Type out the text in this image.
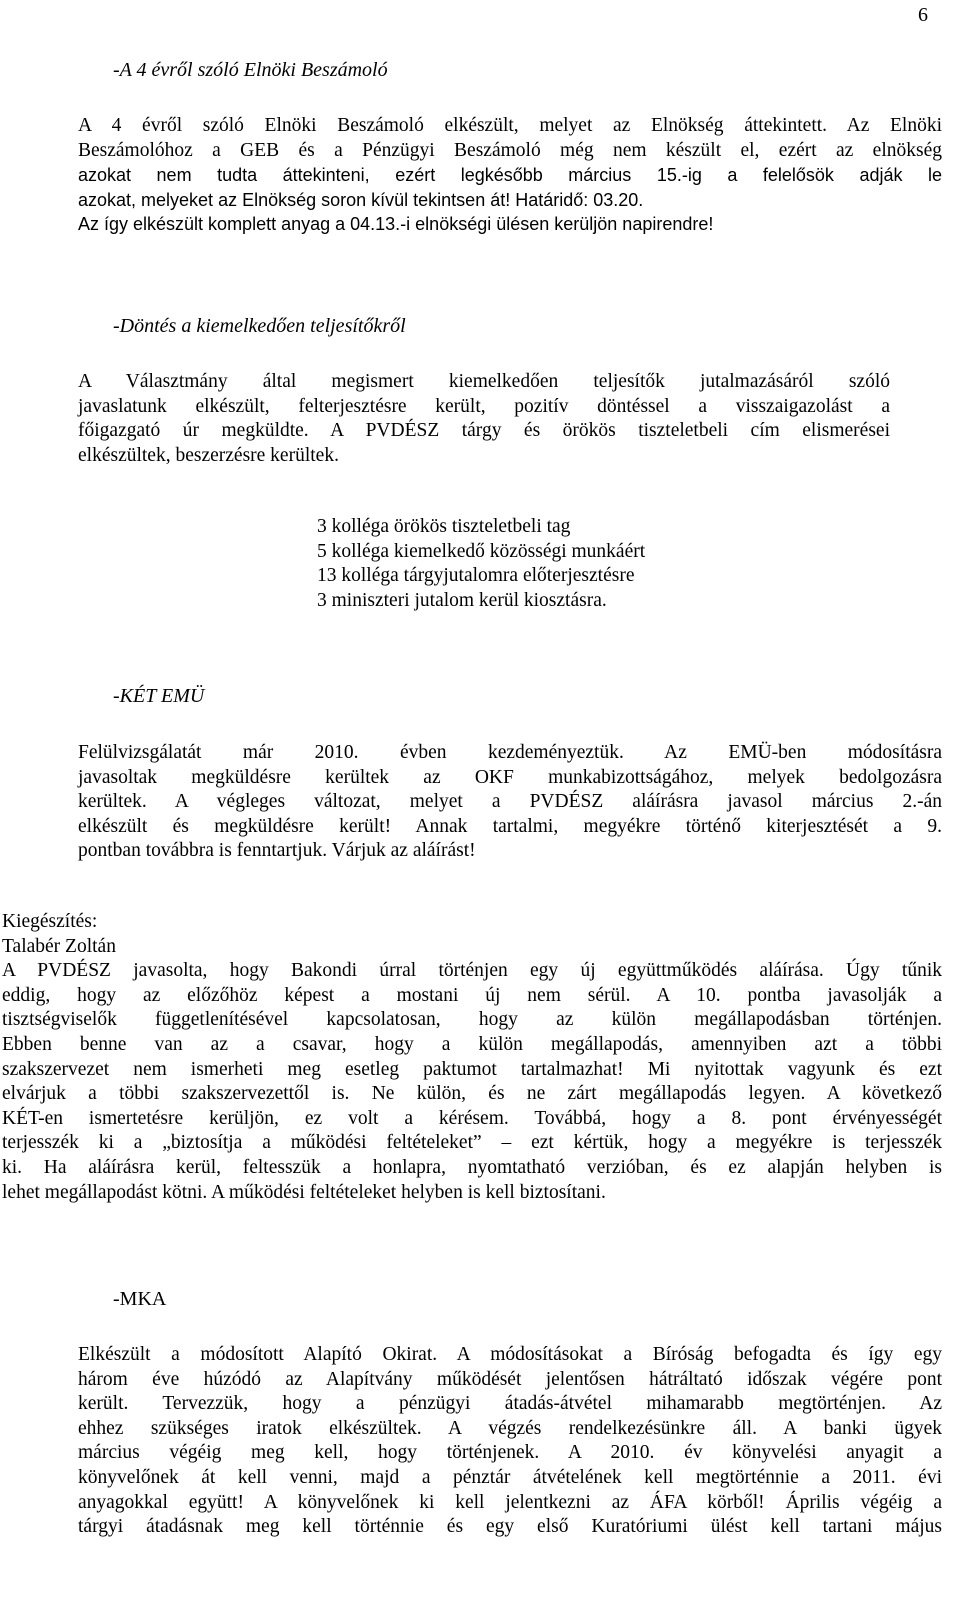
6
-A 4 évről szóló Elnöki Beszámoló
A 4 évről szóló Elnöki Beszámoló elkészült, melyet az Elnökség áttekintett. Az Elnöki
Beszámolóhoz a GEB és a Pénzügyi Beszámoló még nem készült el, ezért az elnökség
azokat nem tudta áttekinteni, ezért legkésőbb március 15.-ig a felelősök adják le
azokat, melyeket az Elnökség soron kívül tekintsen át! Határidő: 03.20.
Az így elkészült komplett anyag a 04.13.-i elnökségi ülésen kerüljön napirendre!
-Döntés a kiemelkedően teljesítőkről
A Választmány által megismert kiemelkedően teljesítők jutalmazásáról szóló
javaslatunk elkészült, felterjesztésre került, pozitív döntéssel a visszaigazolást a
főigazgató úr megküldte. A PVDÉSZ tárgy és örökös tiszteletbeli cím elismerései
elkészültek, beszerzésre kerültek.
3 kolléga örökös tiszteletbeli tag
5 kolléga kiemelkedő közösségi munkáért
13 kolléga tárgyjutalomra előterjesztésre
3 miniszteri jutalom kerül kiosztásra.
-KÉT EMÜ
Felülvizsgálatát már 2010. évben kezdeményeztük. Az EMÜ-ben módosításra
javasoltak megküldésre kerültek az OKF munkabizottságához, melyek bedolgozásra
kerültek. A végleges változat, melyet a PVDÉSZ aláírásra javasol március 2.-án
elkészült és megküldésre került! Annak tartalmi, megyékre történő kiterjesztését a 9.
pontban továbbra is fenntartjuk. Várjuk az aláírást!
Kiegészítés:
Talabér Zoltán
A PVDÉSZ javasolta, hogy Bakondi úrral történjen egy új együttműködés aláírása. Úgy tűnik
eddig, hogy az előzőhöz képest a mostani új nem sérül. A 10. pontba javasolják a
tisztségviselők függetlenítésével kapcsolatosan, hogy az külön megállapodásban történjen.
Ebben benne van az a csavar, hogy a külön megállapodás, amennyiben azt a többi
szakszervezet nem ismerheti meg esetleg paktumot tartalmazhat! Mi nyitottak vagyunk és ezt
elvárjuk a többi szakszervezettől is. Ne külön, és ne zárt megállapodás legyen. A következő
KÉT-en ismertetésre kerüljön, ez volt a kérésem. Továbbá, hogy a 8. pont érvényességét
terjesszék ki a „biztosítja a működési feltételeket” – ezt kértük, hogy a megyékre is terjesszék
ki. Ha aláírásra kerül, feltesszük a honlapra, nyomtatható verzióban, és ez alapján helyben is
lehet megállapodást kötni. A működési feltételeket helyben is kell biztosítani.
-MKA
Elkészült a módosított Alapító Okirat. A módosításokat a Bíróság befogadta és így egy
három éve húzódó az Alapítvány működését jelentősen hátráltató időszak végére pont
került. Tervezzük, hogy a pénzügyi átadás-átvétel mihamarabb megtörténjen. Az
ehhez szükséges iratok elkészültek. A végzés rendelkezésünkre áll. A banki ügyek
március végéig meg kell, hogy történjenek. A 2010. év könyvelési anyagit a
könyvelőnek át kell venni, majd a pénztár átvételének kell megtörténnie a 2011. évi
anyagokkal együtt! A könyvelőnek ki kell jelentkezni az ÁFA körből! Április végéig a
tárgyi átadásnak meg kell történnie és egy első Kuratóriumi ülést kell tartani május
